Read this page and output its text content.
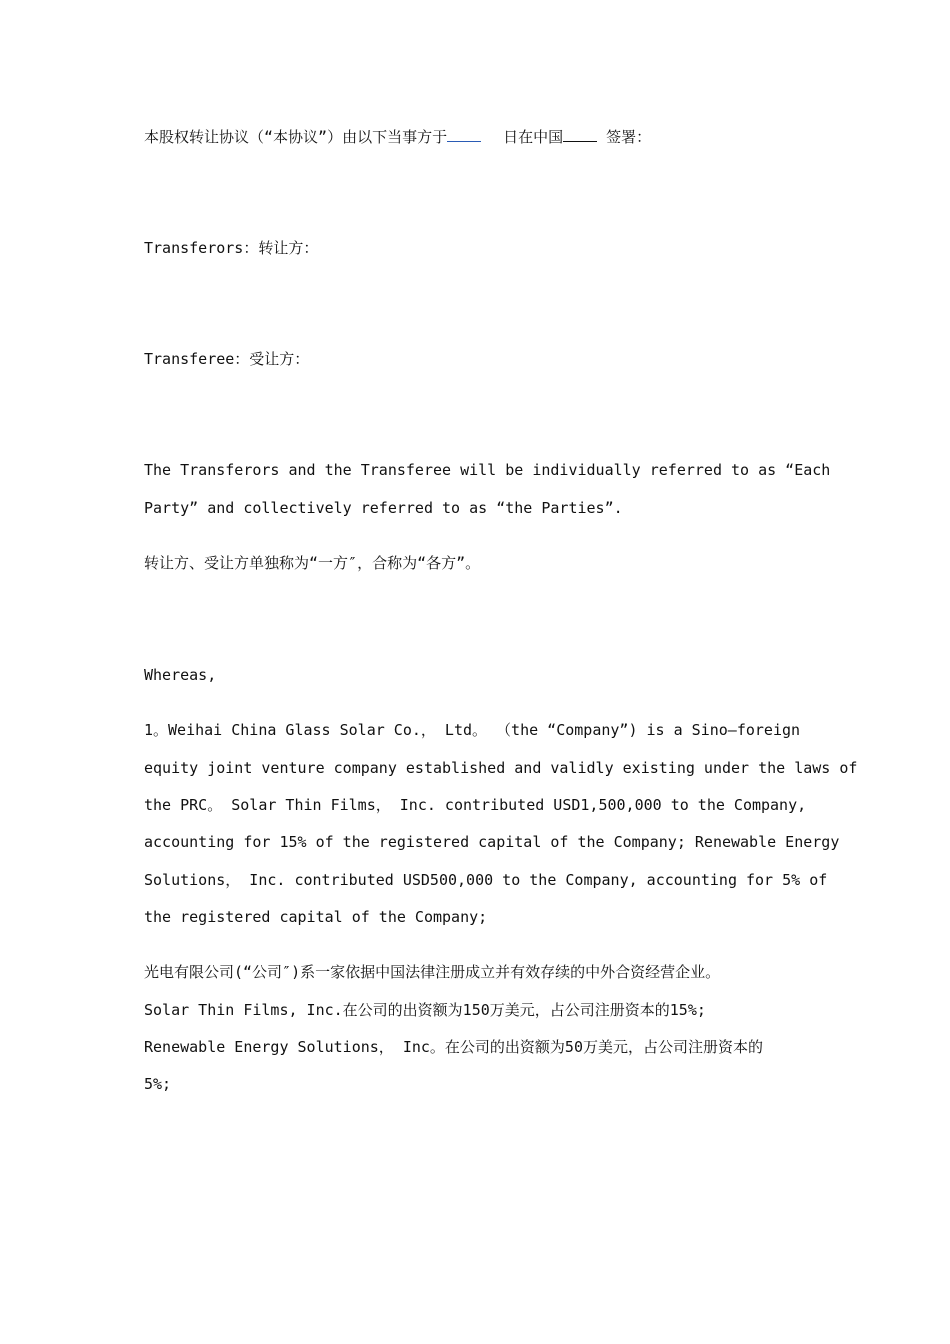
本股权转让协议（“本协议”）由以下当事方于	日在中国	签署：
Transferors：转让方：
Transferee：受让方：
The Transferors and the Transferee will be individually referred to as “Each
Party” and collectively referred to as “the Parties”.
转让方、受让方单独称为“一方″，合称为“各方”。
Whereas,
1。Weihai China Glass Solar Co.， Ltd。 （the “Company”) is a Sino—foreign
equity joint venture company established and validly existing under the laws of
the PRC。 Solar Thin Films， Inc. contributed USD1,500,000 to the Company,
accounting for 15% of the registered capital of the Company; Renewable Energy
Solutions， Inc. contributed USD500,000 to the Company, accounting for 5% of
the registered capital of the Company;
光电有限公司(“公司″)系一家依据中国法律注册成立并有效存续的中外合资经营企业。
Solar Thin Films, Inc.在公司的出资额为150万美元，占公司注册资本的15%;
Renewable Energy Solutions， Inc。在公司的出资额为50万美元，占公司注册资本的
5%;
